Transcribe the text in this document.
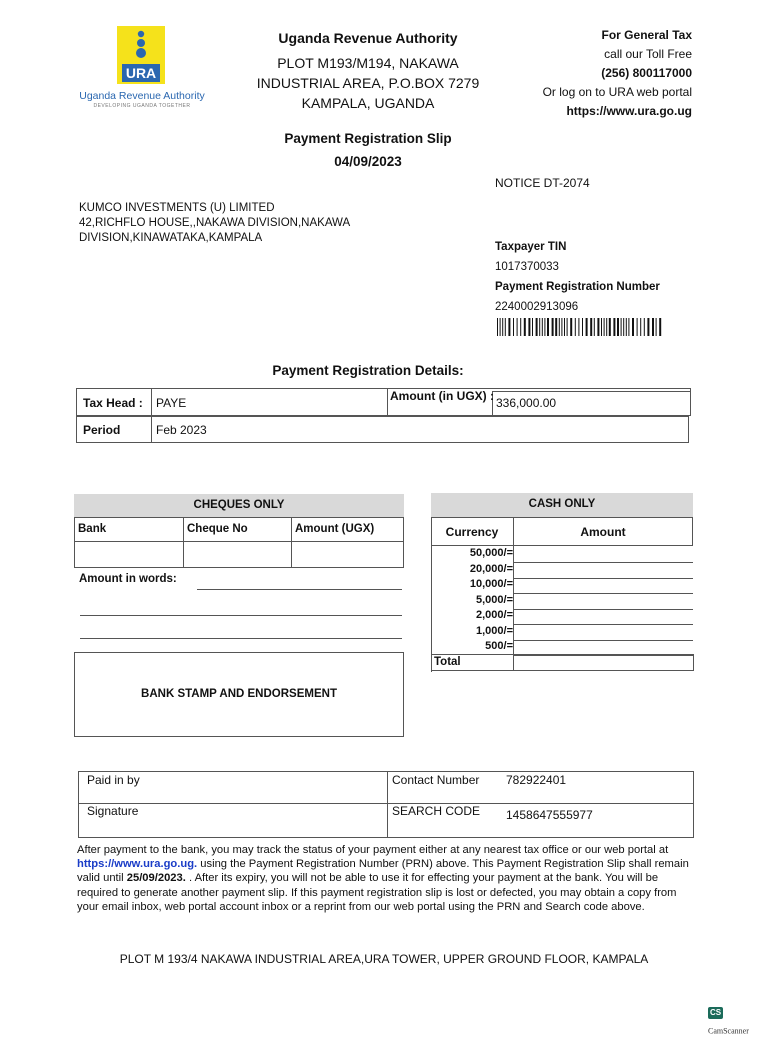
URA
Uganda Revenue Authority
DEVELOPING UGANDA TOGETHER
Uganda Revenue Authority
PLOT M193/M194, NAKAWA
INDUSTRIAL AREA, P.O.BOX 7279
KAMPALA, UGANDA
For General Tax
call our Toll Free
(256) 800117000
Or log on to URA web portal
https://www.ura.go.ug
Payment Registration Slip
04/09/2023
NOTICE DT-2074
KUMCO INVESTMENTS (U) LIMITED
42,RICHFLO HOUSE,,NAKAWA DIVISION,NAKAWA
DIVISION,KINAWATAKA,KAMPALA
Taxpayer TIN
1017370033
Payment Registration Number
2240002913096
Payment Registration Details:
Tax Head : PAYE	Amount (in UGX) : 336,000.00
Period	Feb 2023
CHEQUES ONLY
Bank	Cheque No	Amount (UGX)
Amount in words:
BANK STAMP AND ENDORSEMENT
CASH ONLY
Currency	Amount
50,000/=
20,000/=
10,000/=
5,000/=
2,000/=
1,000/=
500/=
Total
Paid in by	Contact Number 782922401
Signature	SEARCH CODE 1458647555977
After payment to the bank, you may track the status of your payment either at any nearest tax office or our web portal at https://www.ura.go.ug. using the Payment Registration Number (PRN) above. This Payment Registration Slip shall remain valid until 25/09/2023. . After its expiry, you will not be able to use it for effecting your payment at the bank. You will be required to generate another payment slip. If this payment registration slip is lost or defected, you may obtain a copy from your email inbox, web portal account inbox or a reprint from our web portal using the PRN and Search code above.
PLOT M 193/4 NAKAWA INDUSTRIAL AREA,URA TOWER, UPPER GROUND FLOOR, KAMPALA
CS CamScanner
